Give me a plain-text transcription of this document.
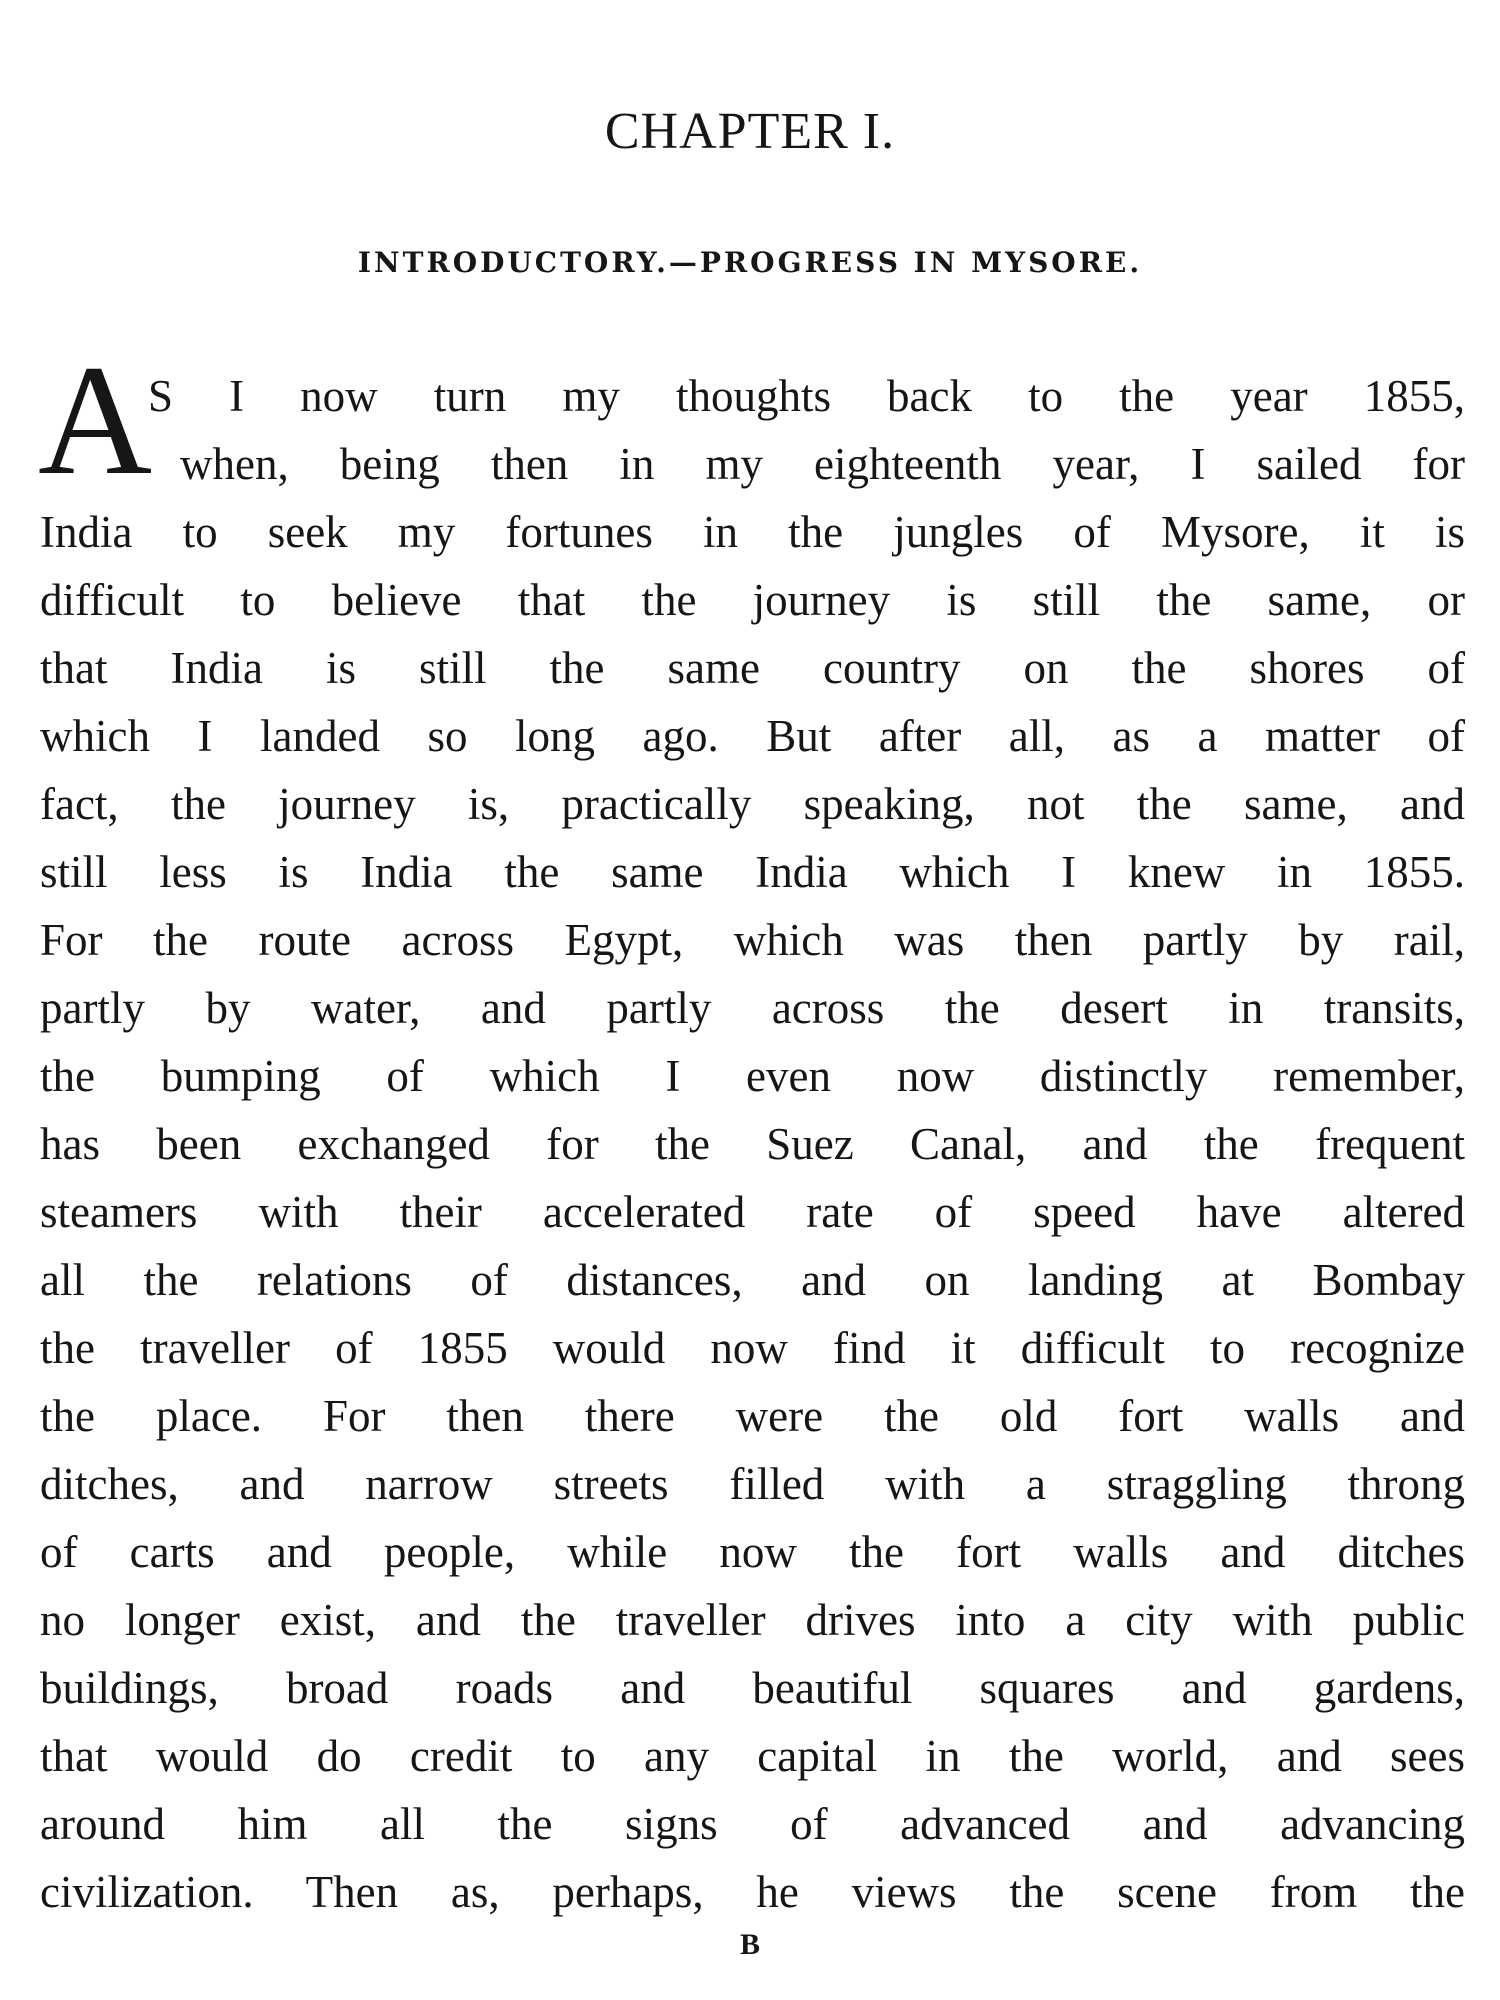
CHAPTER I.
INTRODUCTORY.—PROGRESS IN MYSORE.
A
S I now turn my thoughts back to the year 1855,
when, being then in my eighteenth year, I sailed for
India to seek my fortunes in the jungles of Mysore, it is
difficult to believe that the journey is still the same, or
that India is still the same country on the shores of
which I landed so long ago. But after all, as a matter of
fact, the journey is, practically speaking, not the same, and
still less is India the same India which I knew in 1855.
For the route across Egypt, which was then partly by rail,
partly by water, and partly across the desert in transits,
the bumping of which I even now distinctly remember,
has been exchanged for the Suez Canal, and the frequent
steamers with their accelerated rate of speed have altered
all the relations of distances, and on landing at Bombay
the traveller of 1855 would now find it difficult to recognize
the place. For then there were the old fort walls and
ditches, and narrow streets filled with a straggling throng
of carts and people, while now the fort walls and ditches
no longer exist, and the traveller drives into a city with public
buildings, broad roads and beautiful squares and gardens,
that would do credit to any capital in the world, and sees
around him all the signs of advanced and advancing
civilization. Then as, perhaps, he views the scene from the
B
